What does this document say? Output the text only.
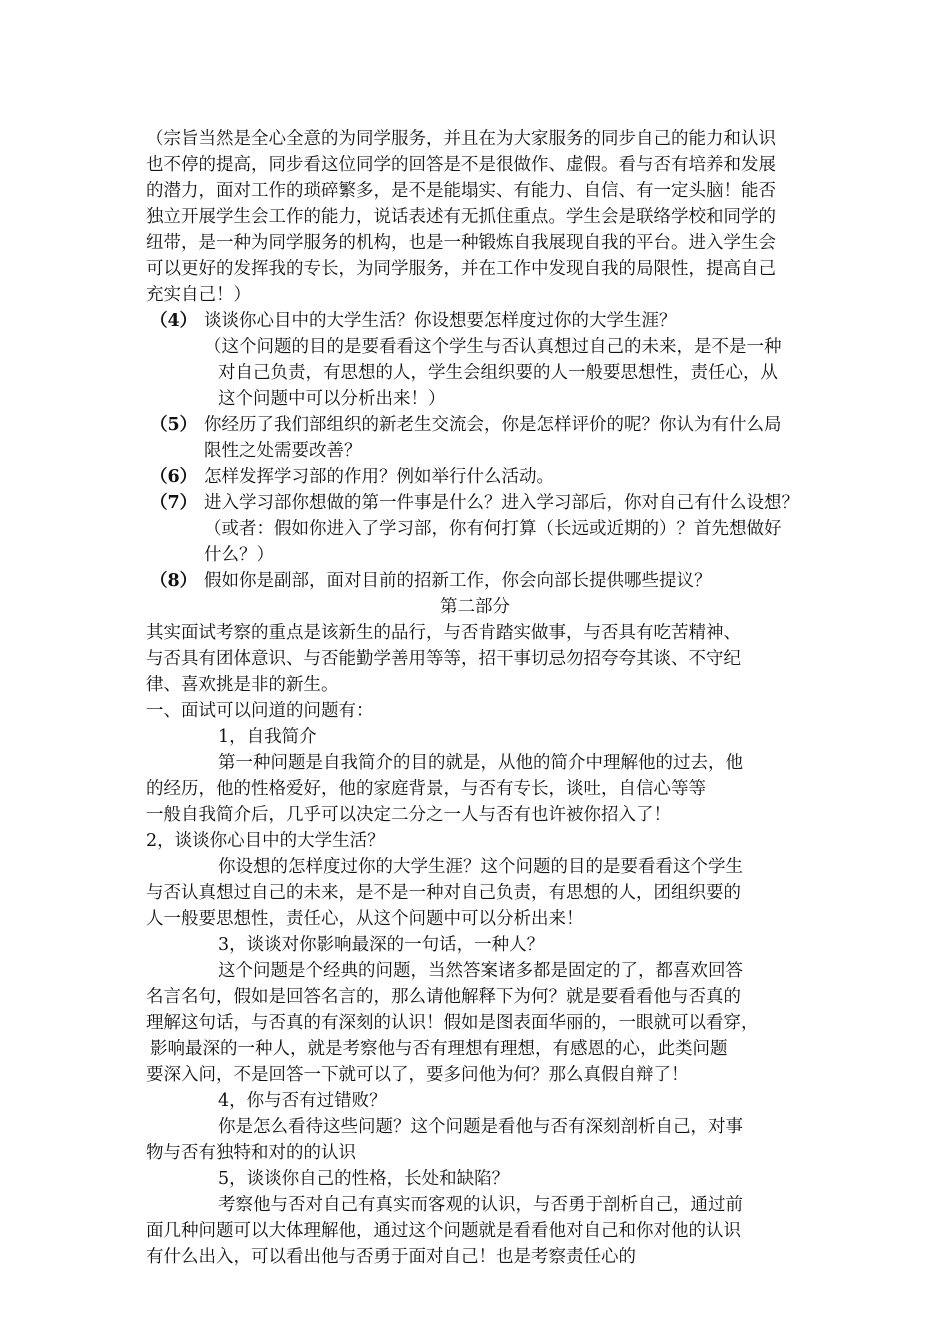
（宗旨当然是全心全意的为同学服务，并且在为大家服务的同步自己的能力和认识
也不停的提高，同步看这位同学的回答是不是很做作、虚假。看与否有培养和发展
的潜力，面对工作的琐碎繁多，是不是能塌实、有能力、自信、有一定头脑！能否
独立开展学生会工作的能力，说话表述有无抓住重点。学生会是联络学校和同学的
纽带，是一种为同学服务的机构，也是一种锻炼自我展现自我的平台。进入学生会
可以更好的发挥我的专长，为同学服务，并在工作中发现自我的局限性，提高自己
充实自己！）
（4） 谈谈你心目中的大学生活？你设想要怎样度过你的大学生涯？
（这个问题的目的是要看看这个学生与否认真想过自己的未来，是不是一种
对自己负责，有思想的人，学生会组织要的人一般要思想性，责任心，从
这个问题中可以分析出来！）
（5） 你经历了我们部组织的新老生交流会，你是怎样评价的呢？你认为有什么局
限性之处需要改善？
（6） 怎样发挥学习部的作用？例如举行什么活动。
（7） 进入学习部你想做的第一件事是什么？进入学习部后，你对自己有什么设想？
（或者：假如你进入了学习部，你有何打算（长远或近期的）？首先想做好
什么？）
（8） 假如你是副部，面对目前的招新工作，你会向部长提供哪些提议？
第二部分
其实面试考察的重点是该新生的品行，与否肯踏实做事，与否具有吃苦精神、
与否具有团体意识、与否能勤学善用等等，招干事切忌勿招夸夸其谈、不守纪
律、喜欢挑是非的新生。
一、面试可以问道的问题有：
1，自我简介
第一种问题是自我简介的目的就是，从他的简介中理解他的过去，他
的经历，他的性格爱好，他的家庭背景，与否有专长，谈吐，自信心等等
一般自我简介后，几乎可以决定二分之一人与否有也许被你招入了！
2，谈谈你心目中的大学生活？
你设想的怎样度过你的大学生涯？这个问题的目的是要看看这个学生
与否认真想过自己的未来，是不是一种对自己负责，有思想的人，团组织要的
人一般要思想性，责任心，从这个问题中可以分析出来！
3，谈谈对你影响最深的一句话，一种人？
这个问题是个经典的问题，当然答案诸多都是固定的了，都喜欢回答
名言名句，假如是回答名言的，那么请他解释下为何？就是要看看他与否真的
理解这句话，与否真的有深刻的认识！假如是图表面华丽的，一眼就可以看穿，
影响最深的一种人，就是考察他与否有理想有理想，有感恩的心，此类问题
要深入问，不是回答一下就可以了，要多问他为何？那么真假自辩了！
4，你与否有过错败？
你是怎么看待这些问题？这个问题是看他与否有深刻剖析自己，对事
物与否有独特和对的的认识
5，谈谈你自己的性格，长处和缺陷？
考察他与否对自己有真实而客观的认识，与否勇于剖析自己，通过前
面几种问题可以大体理解他，通过这个问题就是看看他对自己和你对他的认识
有什么出入，可以看出他与否勇于面对自己！也是考察责任心的
